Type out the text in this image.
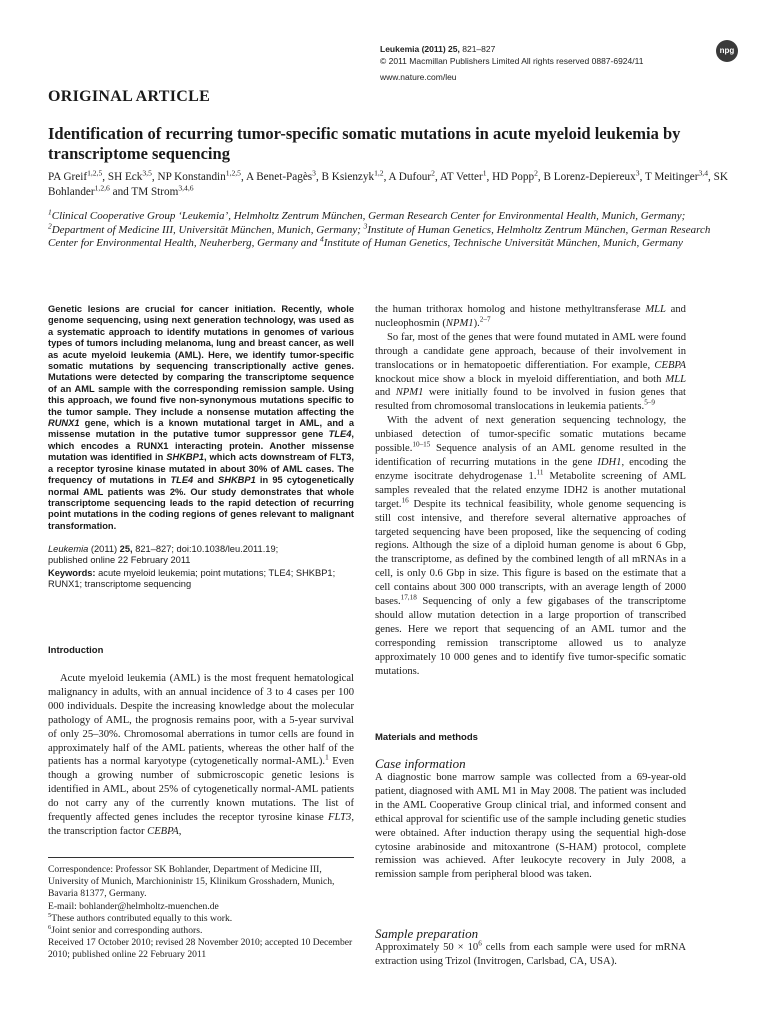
Leukemia (2011) 25, 821–827
© 2011 Macmillan Publishers Limited All rights reserved 0887-6924/11
www.nature.com/leu
npg
ORIGINAL ARTICLE
Identification of recurring tumor-specific somatic mutations in acute myeloid leukemia by transcriptome sequencing
PA Greif$^{1,2,5}$, SH Eck$^{3,5}$, NP Konstandin$^{1,2,5}$, A Benet-Pagès$^3$, B Ksienzyk$^{1,2}$, A Dufour$^2$, AT Vetter$^1$, HD Popp$^2$, B Lorenz-Depiereux$^3$, T Meitinger$^{3,4}$, SK Bohlander$^{1,2,6}$ and TM Strom$^{3,4,6}$
$^1$Clinical Cooperative Group ‘Leukemia’, Helmholtz Zentrum München, German Research Center for Environmental Health, Munich, Germany; $^2$Department of Medicine III, Universität München, Munich, Germany; $^3$Institute of Human Genetics, Helmholtz Zentrum München, German Research Center for Environmental Health, Neuherberg, Germany and $^4$Institute of Human Genetics, Technische Universität München, Munich, Germany
Genetic lesions are crucial for cancer initiation. Recently, whole genome sequencing, using next generation technology, was used as a systematic approach to identify mutations in genomes of various types of tumors including melanoma, lung and breast cancer, as well as acute myeloid leukemia (AML). Here, we identify tumor-specific somatic mutations by sequencing transcriptionally active genes. Mutations were detected by comparing the transcriptome sequence of an AML sample with the corresponding remission sample. Using this approach, we found five non-synonymous mutations specific to the tumor sample. They include a nonsense mutation affecting the RUNX1 gene, which is a known mutational target in AML, and a missense mutation in the putative tumor suppressor gene TLE4, which encodes a RUNX1 interacting protein. Another missense mutation was identified in SHKBP1, which acts downstream of FLT3, a receptor tyrosine kinase mutated in about 30% of AML cases. The frequency of mutations in TLE4 and SHKBP1 in 95 cytogenetically normal AML patients was 2%. Our study demonstrates that whole transcriptome sequencing leads to the rapid detection of recurring point mutations in the coding regions of genes relevant to malignant transformation.
Leukemia (2011) 25, 821–827; doi:10.1038/leu.2011.19;
published online 22 February 2011
Keywords: acute myeloid leukemia; point mutations; TLE4; SHKBP1; RUNX1; transcriptome sequencing
Introduction

Acute myeloid leukemia (AML) is the most frequent hematological malignancy in adults, with an annual incidence of 3 to 4 cases per 100 000 individuals. Despite the increasing knowledge about the molecular pathology of AML, the prognosis remains poor, with a 5-year survival of only 25–30%. Chromosomal aberrations in tumor cells are found in approximately half of the AML patients, whereas the other half of the patients has a normal karyotype (cytogenetically normal-AML).$^1$ Even though a growing number of submicroscopic genetic lesions is identified in AML, about 25% of cytogenetically normal-AML patients do not carry any of the currently known mutations. The list of frequently affected genes includes the receptor tyrosine kinase FLT3, the transcription factor CEBPA,

Correspondence: Professor SK Bohlander, Department of Medicine III, University of Munich, Marchioninistr 15, Klinikum Grosshadern, Munich, Bavaria 81377, Germany.
E-mail: bohlander@helmholtz-muenchen.de
$^5$These authors contributed equally to this work.
$^6$Joint senior and corresponding authors.
Received 17 October 2010; revised 28 November 2010; accepted 10 December 2010; published online 22 February 2011

the human trithorax homolog and histone methyltransferase MLL and nucleophosmin (NPM1).$^{2-7}$

So far, most of the genes that were found mutated in AML were found through a candidate gene approach, because of their involvement in translocations or in hematopoetic differentiation. For example, CEBPA knockout mice show a block in myeloid differentiation, and both MLL and NPM1 were initially found to be involved in fusion genes that resulted from chromosomal translocations in leukemia patients.$^{5-9}$

With the advent of next generation sequencing technology, the unbiased detection of tumor-specific somatic mutations became possible.$^{10-15}$ Sequence analysis of an AML genome resulted in the identification of recurring mutations in the gene IDH1, encoding the enzyme isocitrate dehydrogenase 1.11 Metabolite screening of AML samples revealed that the related enzyme IDH2 is another mutational target.$^{16}$ Despite its technical feasibility, whole genome sequencing is still cost intensive, and therefore several alternative approaches of targeted sequencing have been proposed, like the sequencing of coding regions. Although the size of a diploid human genome is about 6 Gbp, the transcriptome, as defined by the combined length of all mRNAs in a cell, is only 0.6 Gbp in size. This figure is based on the estimate that a cell contains about 300 000 transcripts, with an average length of 2000 bases.$^{17,18}$ Sequencing of only a few gigabases of the transcriptome should allow mutation detection in a large proportion of transcribed genes. Here we report that sequencing of an AML tumor and the corresponding remission transcriptome allowed us to analyze approximately 10 000 genes and to identify five tumor-specific somatic mutations.

Materials and methods
Case information

A diagnostic bone marrow sample was collected from a 69-year-old patient, diagnosed with AML M1 in May 2008. The patient was included in the AML Cooperative Group clinical trial, and informed consent and ethical approval for scientific use of the sample including genetic studies were obtained. After induction therapy using the sequential high-dose cytosine arabinoside and mitoxantrone (S-HAM) protocol, complete remission was achieved. After leukocyte recovery in July 2008, a remission sample from peripheral blood was taken.

Sample preparation
Approximately $50 \times 10^6$ cells from each sample were used for mRNA extraction using Trizol (Invitrogen, Carlsbad, CA, USA).
